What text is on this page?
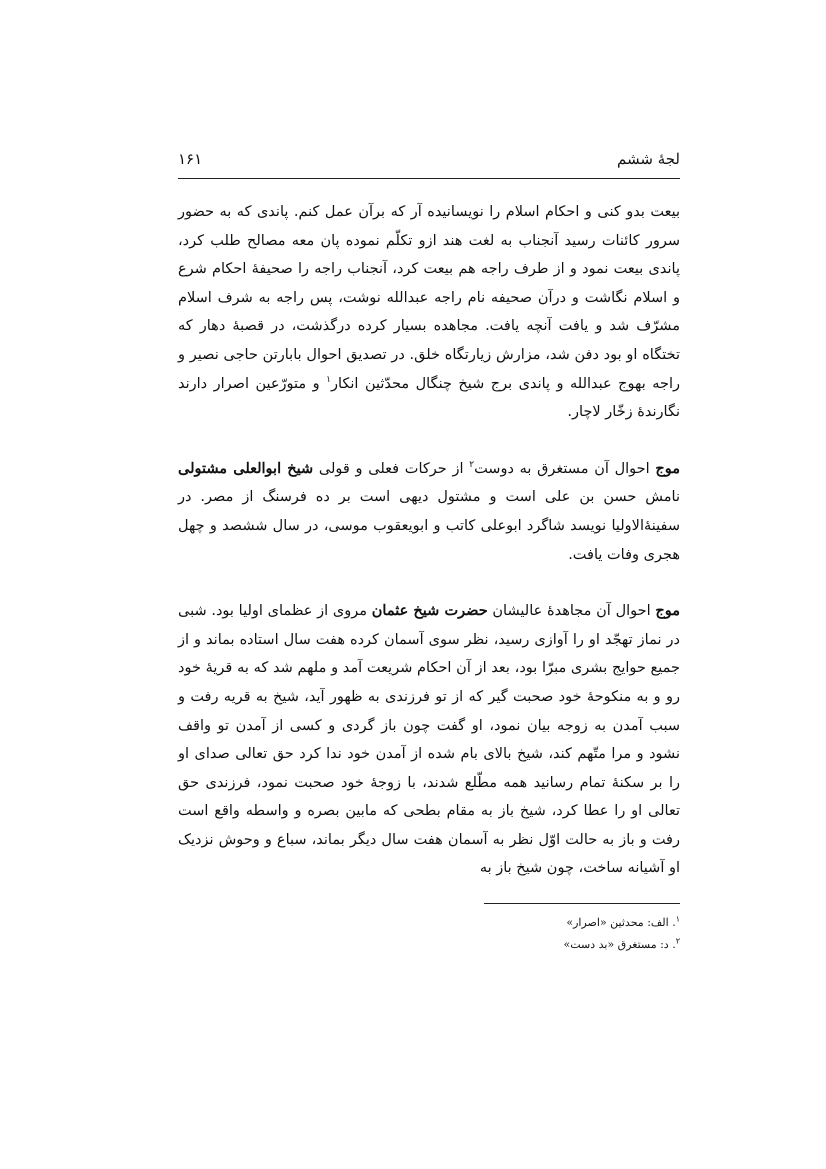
لجۀ ششم
۱۶۱

بیعت بدو کنی و احکام اسلام را نویسانیده آر که برآن عمل کنم. پاندی که به حضور سرور کائنات رسید آنجناب به لغت هند ازو تکلّم نموده پان معه مصالح طلب کرد، پاندی بیعت نمود و از طرف راجه هم بیعت کرد، آنجناب راجه را صحیفۀ احکام شرع و اسلام نگاشت و درآن صحیفه نام راجه عبدالله نوشت، پس راجه به شرف اسلام مشرّف شد و یافت آنچه یافت. مجاهده بسیار کرده درگذشت، در قصبۀ دهار که تختگاه او بود دفن شد، مزارش زیارتگاه خلق. در تصدیق احوال بابارتن حاجی نصیر و راجه بهوج عبدالله و پاندی برج شیخ چنگال محدّثین انکار$^۱$ و متورّعین اصرار دارند نگارندۀ زخّار لاچار.

موج احوال آن مستغرق به دوست$^۲$ از حرکات فعلی و قولی شیخ ابوالعلی مشتولی نامش حسن بن علی است و مشتول دیهی است بر ده فرسنگ از مصر. در سفینۀالاولیا نویسد شاگرد ابوعلی کاتب و ابویعقوب موسی، در سال ششصد و چهل هجری وفات یافت.

موج احوال آن مجاهدۀ عالیشان حضرت شیخ عثمان مروی از عظمای اولیا بود. شبی در نماز تهجّد او را آوازی رسید، نظر سوی آسمان کرده هفت سال استاده بماند و از جمیع حوایج بشری مبرّا بود، بعد از آن احکام شریعت آمد و ملهم شد که به قریۀ خود رو و به منکوحۀ خود صحبت گیر که از تو فرزندی به ظهور آید، شیخ به قریه رفت و سبب آمدن به زوجه بیان نمود، او گفت چون باز گردی و کسی از آمدن تو واقف نشود و مرا متّهم کند، شیخ بالای بام شده از آمدن خود ندا کرد حق تعالی صدای او را بر سکنۀ تمام رسانید همه مطّلع شدند، با زوجۀ خود صحبت نمود، فرزندی حق تعالی او را عطا کرد، شیخ باز به مقام بطحی که مابین بصره و واسطه واقع است رفت و باز به حالت اوّل نظر به آسمان هفت سال دیگر بماند، سباع و وحوش نزدیک او آشیانه ساخت، چون شیخ باز به

$^۱$. الف: محدثین «اصرار»
$^۲$. د: مستغرق «بد دست»
